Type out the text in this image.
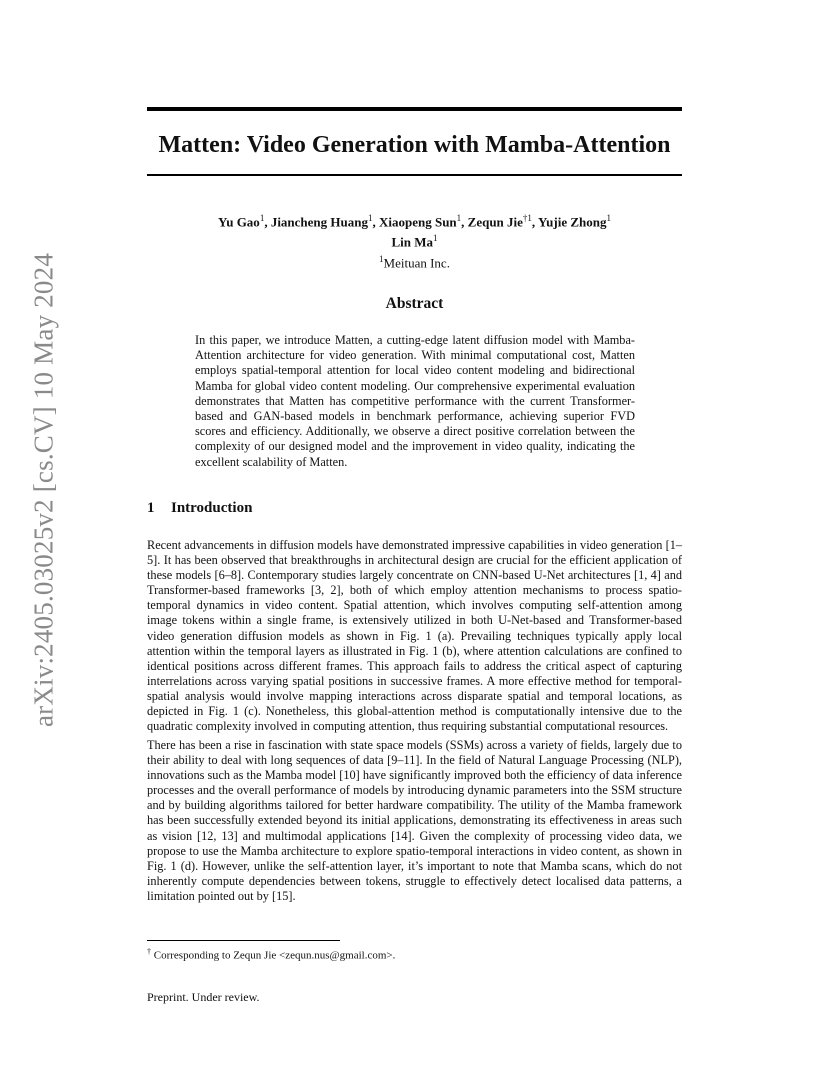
arXiv:2405.03025v2 [cs.CV] 10 May 2024
Matten: Video Generation with Mamba-Attention
Yu Gao$^1$, Jiancheng Huang$^1$, Xiaopeng Sun$^1$, Zequn Jie$^{\dagger 1}$, Yujie Zhong$^1$
Lin Ma$^1$
$^1$Meituan Inc.
Abstract
In this paper, we introduce Matten, a cutting-edge latent diffusion model with Mamba-Attention architecture for video generation. With minimal computational cost, Matten employs spatial-temporal attention for local video content modeling and bidirectional Mamba for global video content modeling. Our comprehensive experimental evaluation demonstrates that Matten has competitive performance with the current Transformer-based and GAN-based models in benchmark performance, achieving superior FVD scores and efficiency. Additionally, we observe a direct positive correlation between the complexity of our designed model and the improvement in video quality, indicating the excellent scalability of Matten.
1 Introduction
Recent advancements in diffusion models have demonstrated impressive capabilities in video generation [1–5]. It has been observed that breakthroughs in architectural design are crucial for the efficient application of these models [6–8]. Contemporary studies largely concentrate on CNN-based U-Net architectures [1, 4] and Transformer-based frameworks [3, 2], both of which employ attention mechanisms to process spatio-temporal dynamics in video content. Spatial attention, which involves computing self-attention among image tokens within a single frame, is extensively utilized in both U-Net-based and Transformer-based video generation diffusion models as shown in Fig. 1 (a). Prevailing techniques typically apply local attention within the temporal layers as illustrated in Fig. 1 (b), where attention calculations are confined to identical positions across different frames. This approach fails to address the critical aspect of capturing interrelations across varying spatial positions in successive frames. A more effective method for temporal-spatial analysis would involve mapping interactions across disparate spatial and temporal locations, as depicted in Fig. 1 (c). Nonetheless, this global-attention method is computationally intensive due to the quadratic complexity involved in computing attention, thus requiring substantial computational resources.
There has been a rise in fascination with state space models (SSMs) across a variety of fields, largely due to their ability to deal with long sequences of data [9–11]. In the field of Natural Language Processing (NLP), innovations such as the Mamba model [10] have significantly improved both the efficiency of data inference processes and the overall performance of models by introducing dynamic parameters into the SSM structure and by building algorithms tailored for better hardware compatibility. The utility of the Mamba framework has been successfully extended beyond its initial applications, demonstrating its effectiveness in areas such as vision [12, 13] and multimodal applications [14]. Given the complexity of processing video data, we propose to use the Mamba architecture to explore spatio-temporal interactions in video content, as shown in Fig. 1 (d). However, unlike the self-attention layer, it’s important to note that Mamba scans, which do not inherently compute dependencies between tokens, struggle to effectively detect localised data patterns, a limitation pointed out by [15].
† Corresponding to Zequn Jie <zequn.nus@gmail.com>.
Preprint. Under review.
